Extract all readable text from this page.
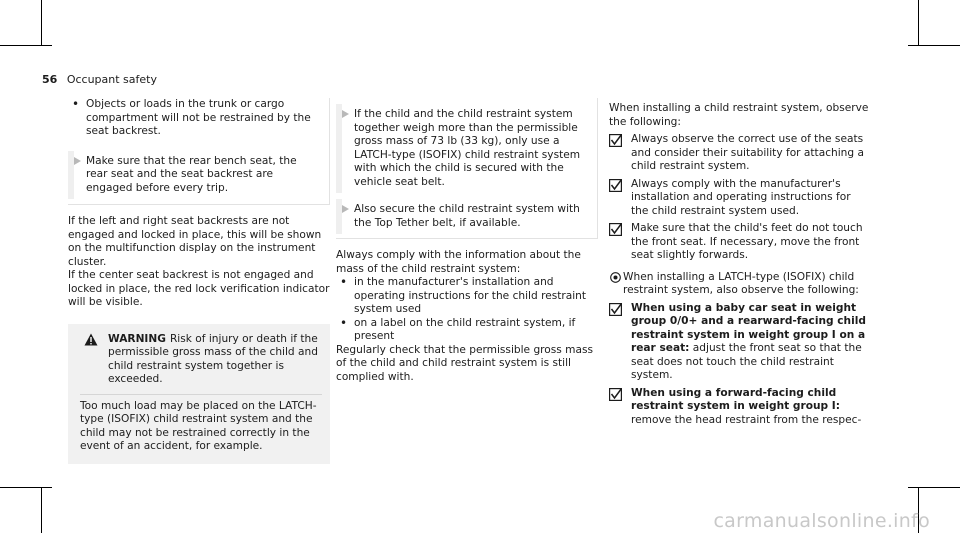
56 Occupant safety
• Objects or loads in the trunk or cargo compartment will not be restrained by the seat backrest.

Make sure that the rear bench seat, the rear seat and the seat backrest are engaged before every trip.

If the left and right seat backrests are not engaged and locked in place, this will be shown on the multifunction display on the instrument cluster.

If the center seat backrest is not engaged and locked in place, the red lock verification indicator will be visible.

WARNING Risk of injury or death if the permissible gross mass of the child and child restraint system together is exceeded.

Too much load may be placed on the LATCH-type (ISOFIX) child restraint system and the child may not be restrained correctly in the event of an accident, for example.

If the child and the child restraint system together weigh more than the permissible gross mass of 73 lb (33 kg), only use a LATCH-type (ISOFIX) child restraint system with which the child is secured with the vehicle seat belt.

Also secure the child restraint system with the Top Tether belt, if available.

Always comply with the information about the mass of the child restraint system:

• in the manufacturer's installation and operating instructions for the child restraint system used
• on a label on the child restraint system, if present

Regularly check that the permissible gross mass of the child and child restraint system is still complied with.

When installing a child restraint system, observe the following:

Always observe the correct use of the seats and consider their suitability for attaching a child restraint system.

Always comply with the manufacturer's installation and operating instructions for the child restraint system used.

Make sure that the child's feet do not touch the front seat. If necessary, move the front seat slightly forwards.

When installing a LATCH-type (ISOFIX) child restraint system, also observe the following:

When using a baby car seat in weight group 0/0+ and a rearward-facing child restraint system in weight group I on a rear seat: adjust the front seat so that the seat does not touch the child restraint system.

When using a forward-facing child restraint system in weight group I: remove the head restraint from the respec-

carmanualsonline.info
